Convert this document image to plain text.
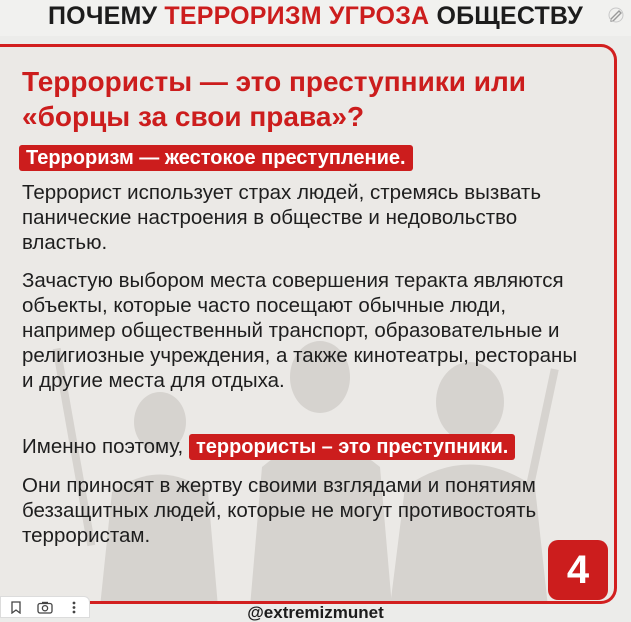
ПОЧЕМУ ТЕРРОРИЗМ УГРОЗА ОБЩЕСТВУ
Террористы — это преступники или «борцы за свои права»?
Терроризм — жестокое преступление.
Террорист использует страх людей, стремясь вызвать панические настроения в обществе и недовольство властью.
Зачастую выбором места совершения теракта являются объекты, которые часто посещают обычные люди, например общественный транспорт, образовательные и религиозные учреждения, а также кинотеатры, рестораны и другие места для отдыха.
Именно поэтому, террористы – это преступники.
Они приносят в жертву своими взглядами и понятиям беззащитных людей, которые не могут противостоять террористам.
4
@extremizmunet
